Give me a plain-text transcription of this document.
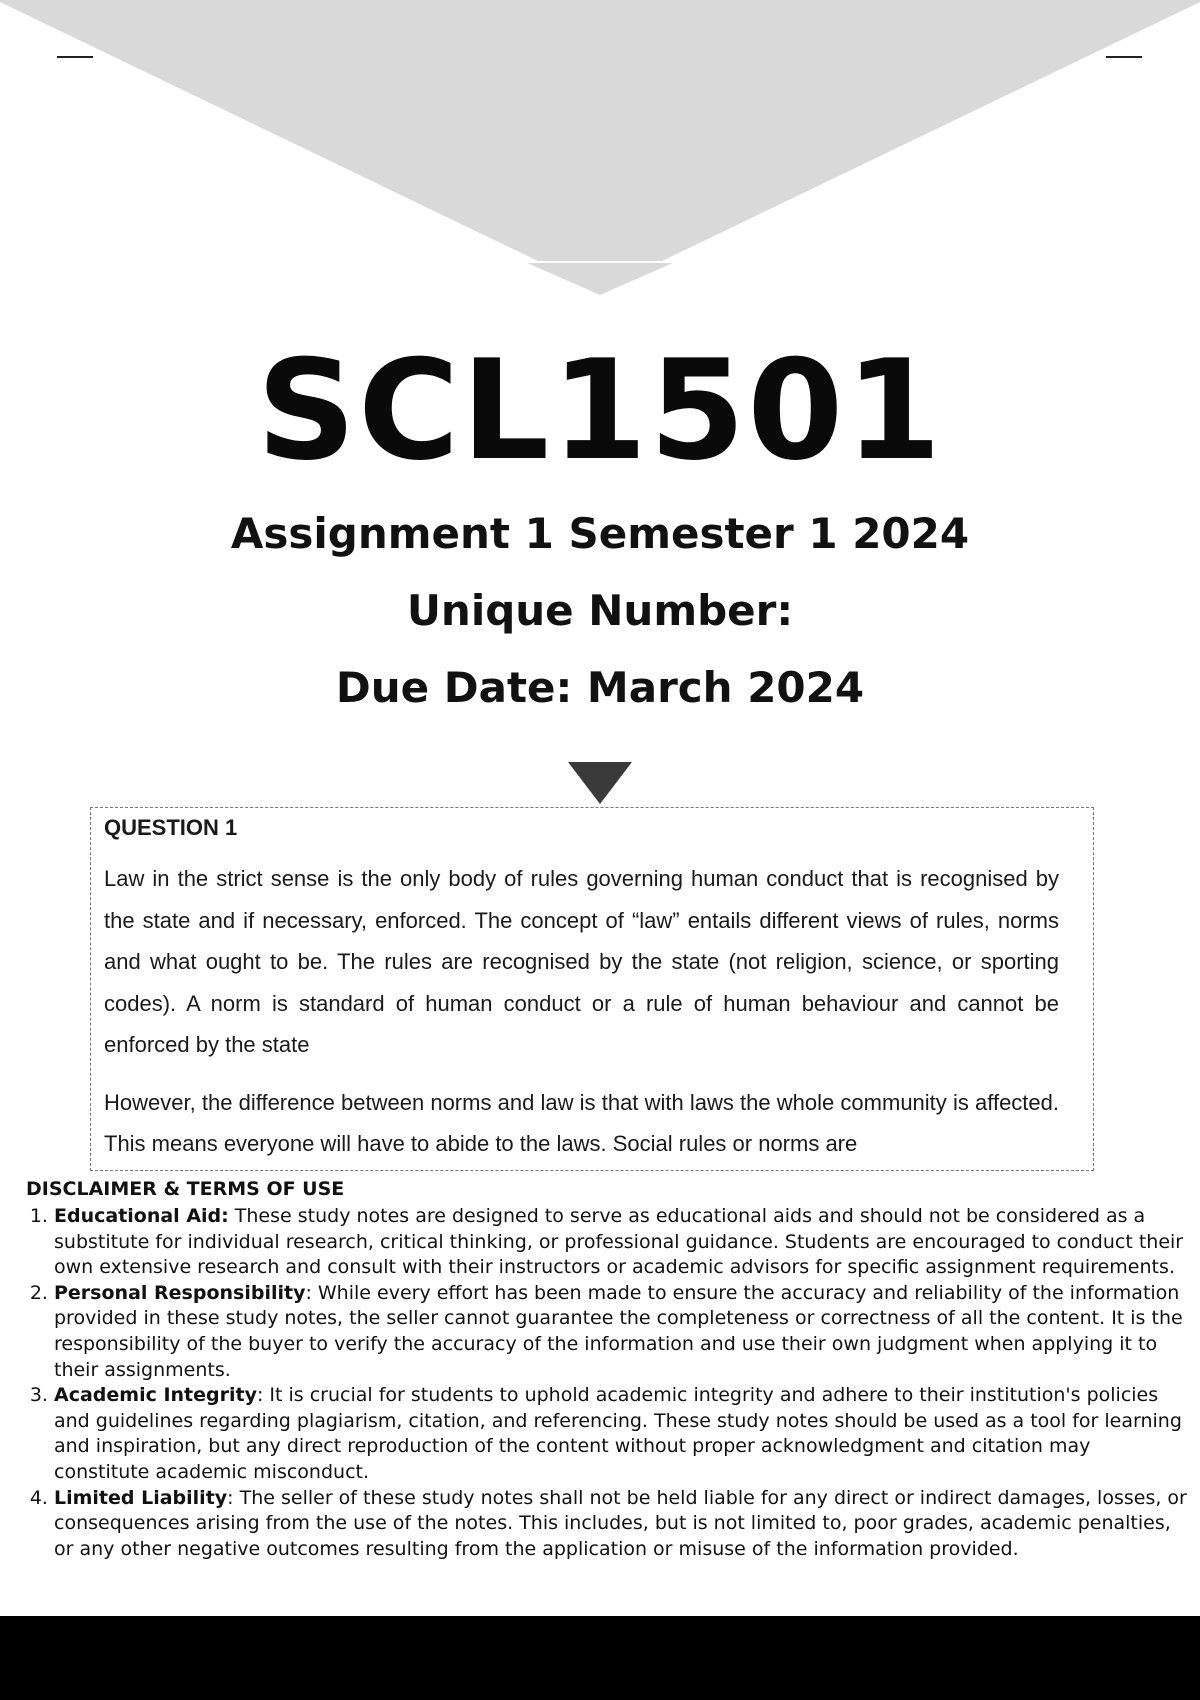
SCL1501
Assignment 1 Semester 1 2024
Unique Number:
Due Date: March 2024

QUESTION 1

Law in the strict sense is the only body of rules governing human conduct that is recognised by the state and if necessary, enforced. The concept of “law” entails different views of rules, norms and what ought to be. The rules are recognised by the state (not religion, science, or sporting codes). A norm is standard of human conduct or a rule of human behaviour and cannot be enforced by the state

However, the difference between norms and law is that with laws the whole community is affected. This means everyone will have to abide to the laws. Social rules or norms are

DISCLAIMER & TERMS OF USE
1. Educational Aid: These study notes are designed to serve as educational aids and should not be considered as a substitute for individual research, critical thinking, or professional guidance. Students are encouraged to conduct their own extensive research and consult with their instructors or academic advisors for specific assignment requirements.
2. Personal Responsibility: While every effort has been made to ensure the accuracy and reliability of the information provided in these study notes, the seller cannot guarantee the completeness or correctness of all the content. It is the responsibility of the buyer to verify the accuracy of the information and use their own judgment when applying it to their assignments.
3. Academic Integrity: It is crucial for students to uphold academic integrity and adhere to their institution's policies and guidelines regarding plagiarism, citation, and referencing. These study notes should be used as a tool for learning and inspiration, but any direct reproduction of the content without proper acknowledgment and citation may constitute academic misconduct.
4. Limited Liability: The seller of these study notes shall not be held liable for any direct or indirect damages, losses, or consequences arising from the use of the notes. This includes, but is not limited to, poor grades, academic penalties, or any other negative outcomes resulting from the application or misuse of the information provided.
